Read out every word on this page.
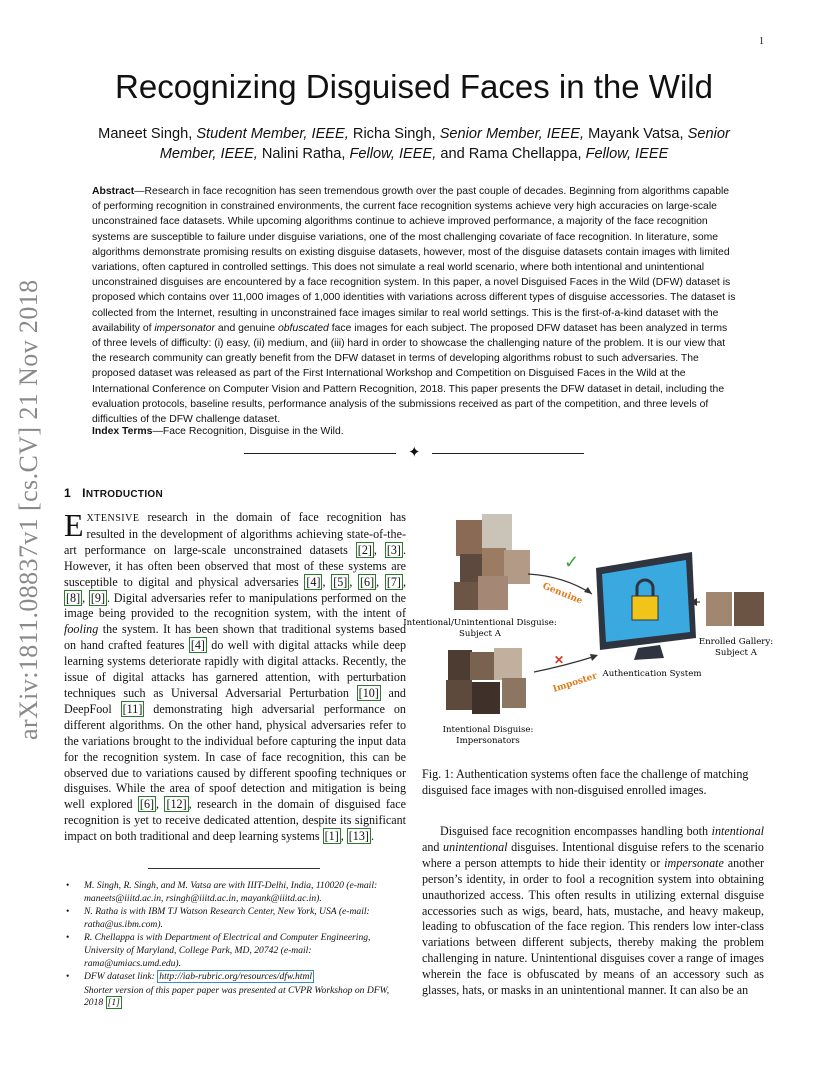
1
Recognizing Disguised Faces in the Wild
Maneet Singh, Student Member, IEEE, Richa Singh, Senior Member, IEEE, Mayank Vatsa, Senior
Member, IEEE, Nalini Ratha, Fellow, IEEE, and Rama Chellappa, Fellow, IEEE
Abstract—Research in face recognition has seen tremendous growth over the past couple of decades. Beginning from algorithms capable of performing recognition in constrained environments, the current face recognition systems achieve very high accuracies on large-scale unconstrained face datasets. While upcoming algorithms continue to achieve improved performance, a majority of the face recognition systems are susceptible to failure under disguise variations, one of the most challenging covariate of face recognition. In literature, some algorithms demonstrate promising results on existing disguise datasets, however, most of the disguise datasets contain images with limited variations, often captured in controlled settings. This does not simulate a real world scenario, where both intentional and unintentional unconstrained disguises are encountered by a face recognition system. In this paper, a novel Disguised Faces in the Wild (DFW) dataset is proposed which contains over 11,000 images of 1,000 identities with variations across different types of disguise accessories. The dataset is collected from the Internet, resulting in unconstrained face images similar to real world settings. This is the first-of-a-kind dataset with the availability of impersonator and genuine obfuscated face images for each subject. The proposed DFW dataset has been analyzed in terms of three levels of difficulty: (i) easy, (ii) medium, and (iii) hard in order to showcase the challenging nature of the problem. It is our view that the research community can greatly benefit from the DFW dataset in terms of developing algorithms robust to such adversaries. The proposed dataset was released as part of the First International Workshop and Competition on Disguised Faces in the Wild at the International Conference on Computer Vision and Pattern Recognition, 2018. This paper presents the DFW dataset in detail, including the evaluation protocols, baseline results, performance analysis of the submissions received as part of the competition, and three levels of difficulties of the DFW challenge dataset.
Index Terms—Face Recognition, Disguise in the Wild.
✦
arXiv:1811.08837v1 [cs.CV] 21 Nov 2018 1 INTRODUCTION
EXTENSIVE research in the domain of face recognition has resulted in the development of algorithms achieving state-of-the-art performance on large-scale unconstrained datasets [2] , [3] . However, it has often been observed that most of these systems are susceptible to digital and physical adversaries [4] , [5] , [6] , [7] , [8] , [9] . Digital adversaries refer to manipulations performed on the image being provided to the recognition system, with the intent of fooling the system. It has been shown that traditional systems based on hand crafted features [4] do well with digital attacks while deep learning systems deteriorate rapidly with digital attacks. Recently, the issue of digital attacks has garnered attention, with perturbation techniques such as Universal Adversarial Perturbation [10] and DeepFool [11] demonstrating high adversarial performance on different algorithms. On the other hand, physical adversaries refer to the variations brought to the individual before capturing the input data for the recognition system. In case of face recognition, this can be observed due to variations caused by different spoofing techniques or disguises. While the area of spoof detection and mitigation is being well explored [6] , [12] , research in the domain of disguised face recognition is yet to receive dedicated attention, despite its significant impact on both traditional and deep learning systems [1] , [13] .
• M. Singh, R. Singh, and M. Vatsa are with IIIT-Delhi, India, 110020 (e-mail: maneets@iiitd.ac.in, rsingh@iiitd.ac.in, mayank@iiitd.ac.in).
• N. Ratha is with IBM TJ Watson Research Center, New York, USA (e-mail: ratha@us.ibm.com).
• R. Chellappa is with Department of Electrical and Computer Engineering, University of Maryland, College Park, MD, 20742 (e-mail: rama@umiacs.umd.edu).
• DFW dataset link: http://iab-rubric.org/resources/dfw.html
Shorter version of this paper paper was presented at CVPR Workshop on DFW, 2018 [1]
Intentional/Unintentional Disguise:
Subject A
✓
Genuine
Authentication System
Enrolled Gallery:
Subject A
✕
Imposter
Intentional Disguise:
Impersonators
Fig. 1: Authentication systems often face the challenge of matching disguised face images with non-disguised enrolled images.
Disguised face recognition encompasses handling both intentional and unintentional disguises. Intentional disguise refers to the scenario where a person attempts to hide their identity or impersonate another person’s identity, in order to fool a recognition system into obtaining unauthorized access. This often results in utilizing external disguise accessories such as wigs, beard, hats, mustache, and heavy makeup, leading to obfuscation of the face region. This renders low inter-class variations between different subjects, thereby making the problem challenging in nature. Unintentional disguises cover a range of images wherein the face is obfuscated by means of an accessory such as glasses, hats, or masks in an unintentional manner. It can also be an
